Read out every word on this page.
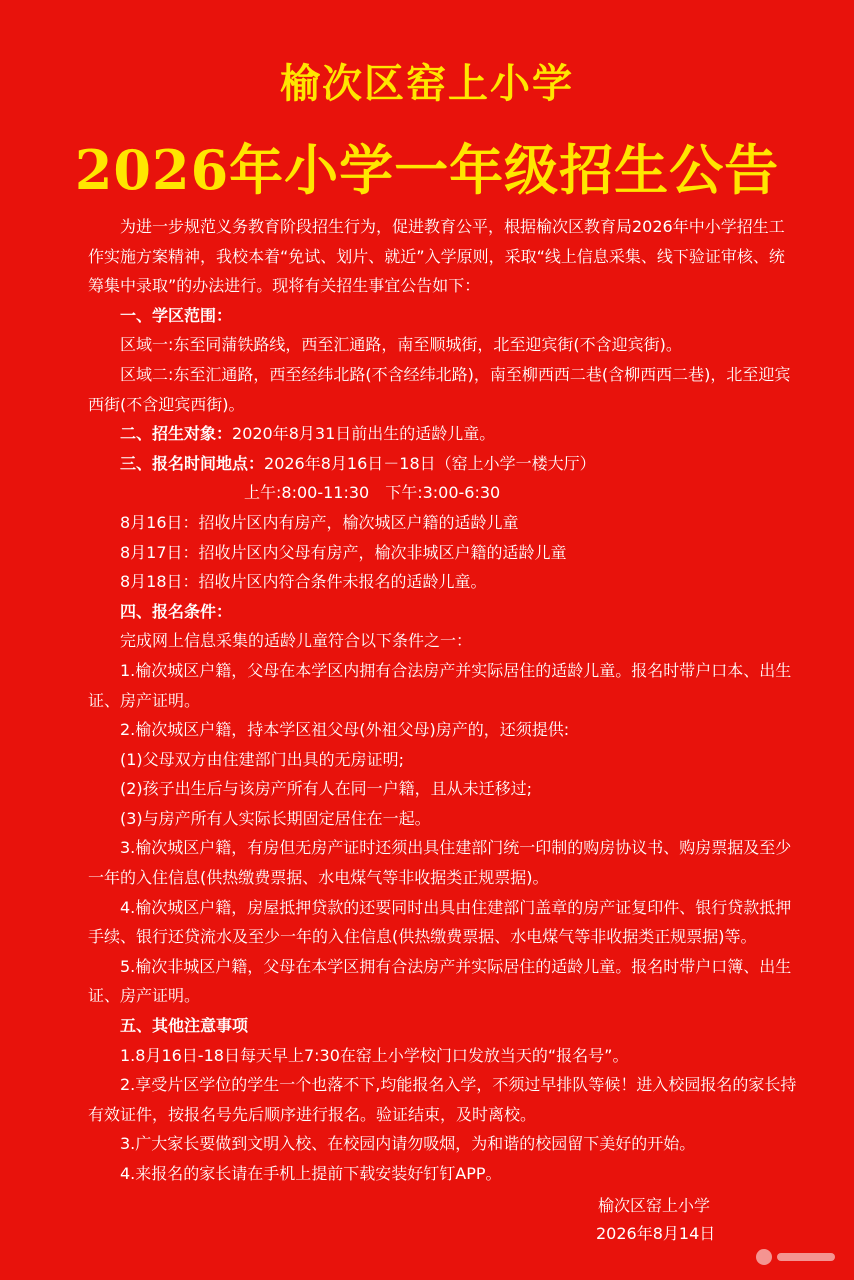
榆次区窑上小学
2026年小学一年级招生公告

为进一步规范义务教育阶段招生行为，促进教育公平，根据榆次区教育局2026年中小学招生工作实施方案精神，我校本着“免试、划片、就近”入学原则，采取“线上信息采集、线下验证审核、统筹集中录取”的办法进行。现将有关招生事宜公告如下：

一、学区范围：

区域一:东至同蒲铁路线，西至汇通路，南至顺城街，北至迎宾街(不含迎宾街)。

区域二:东至汇通路，西至经纬北路(不含经纬北路)，南至柳西西二巷(含柳西西二巷)，北至迎宾西街(不含迎宾西街)。

二、招生对象：2020年8月31日前出生的适龄儿童。

三、报名时间地点：2026年8月16日－18日（窑上小学一楼大厅）

上午:8:00-11:30　下午:3:00-6:30

8月16日：招收片区内有房产，榆次城区户籍的适龄儿童

8月17日：招收片区内父母有房产，榆次非城区户籍的适龄儿童

8月18日：招收片区内符合条件未报名的适龄儿童。

四、报名条件：

完成网上信息采集的适龄儿童符合以下条件之一：

1.榆次城区户籍，父母在本学区内拥有合法房产并实际居住的适龄儿童。报名时带户口本、出生证、房产证明。

2.榆次城区户籍，持本学区祖父母(外祖父母)房产的，还须提供:

(1)父母双方由住建部门出具的无房证明;

(2)孩子出生后与该房产所有人在同一户籍，且从未迁移过;

(3)与房产所有人实际长期固定居住在一起。

3.榆次城区户籍，有房但无房产证时还须出具住建部门统一印制的购房协议书、购房票据及至少一年的入住信息(供热缴费票据、水电煤气等非收据类正规票据)。

4.榆次城区户籍，房屋抵押贷款的还要同时出具由住建部门盖章的房产证复印件、银行贷款抵押手续、银行还贷流水及至少一年的入住信息(供热缴费票据、水电煤气等非收据类正规票据)等。

5.榆次非城区户籍，父母在本学区拥有合法房产并实际居住的适龄儿童。报名时带户口簿、出生证、房产证明。

五、其他注意事项

1.8月16日-18日每天早上7:30在窑上小学校门口发放当天的“报名号”。

2.享受片区学位的学生一个也落不下,均能报名入学，不须过早排队等候！进入校园报名的家长持有效证件，按报名号先后顺序进行报名。验证结束，及时离校。

3.广大家长要做到文明入校、在校园内请勿吸烟，为和谐的校园留下美好的开始。

4.来报名的家长请在手机上提前下载安装好钉钉APP。

榆次区窑上小学
2026年8月14日
